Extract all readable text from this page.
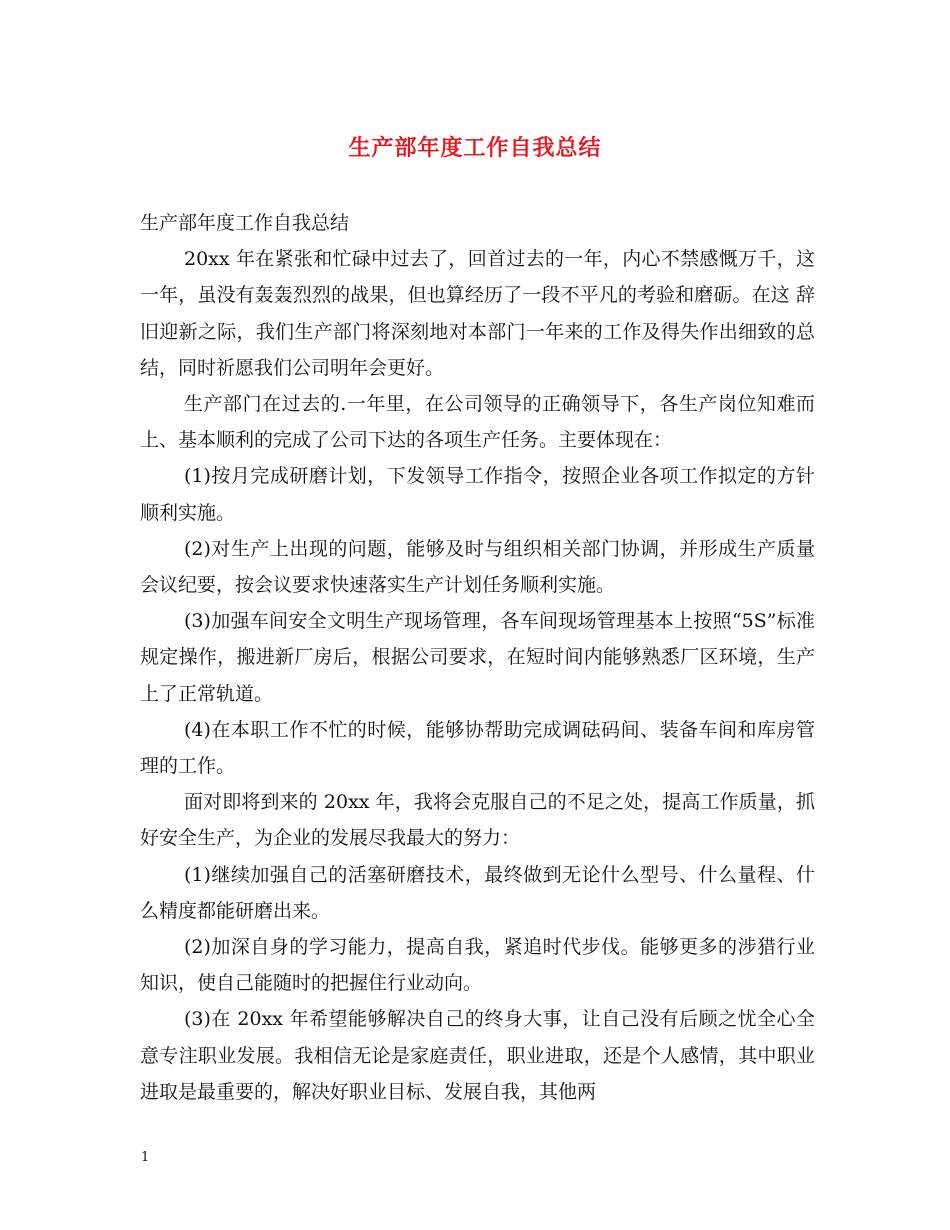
生产部年度工作自我总结

生产部年度工作自我总结

20xx 年在紧张和忙碌中过去了，回首过去的一年，内心不禁感慨万千，这一年，虽没有轰轰烈烈的战果，但也算经历了一段不平凡的考验和磨砺。在这 辞旧迎新之际，我们生产部门将深刻地对本部门一年来的工作及得失作出细致的总结，同时祈愿我们公司明年会更好。

生产部门在过去的.一年里，在公司领导的正确领导下，各生产岗位知难而上、基本顺利的完成了公司下达的各项生产任务。主要体现在：

(1)按月完成研磨计划，下发领导工作指令，按照企业各项工作拟定的方针顺利实施。

(2)对生产上出现的问题，能够及时与组织相关部门协调，并形成生产质量会议纪要，按会议要求快速落实生产计划任务顺利实施。

(3)加强车间安全文明生产现场管理，各车间现场管理基本上按照“5S”标准规定操作，搬进新厂房后，根据公司要求，在短时间内能够熟悉厂区环境，生产上了正常轨道。

(4)在本职工作不忙的时候，能够协帮助完成调砝码间、装备车间和库房管理的工作。

面对即将到来的 20xx 年，我将会克服自己的不足之处，提高工作质量，抓好安全生产，为企业的发展尽我最大的努力：

(1)继续加强自己的活塞研磨技术，最终做到无论什么型号、什么量程、什么精度都能研磨出来。

(2)加深自身的学习能力，提高自我，紧追时代步伐。能够更多的涉猎行业知识，使自己能随时的把握住行业动向。

(3)在 20xx 年希望能够解决自己的终身大事，让自己没有后顾之忧全心全意专注职业发展。我相信无论是家庭责任，职业进取，还是个人感情，其中职业进取是最重要的，解决好职业目标、发展自我，其他两

1
